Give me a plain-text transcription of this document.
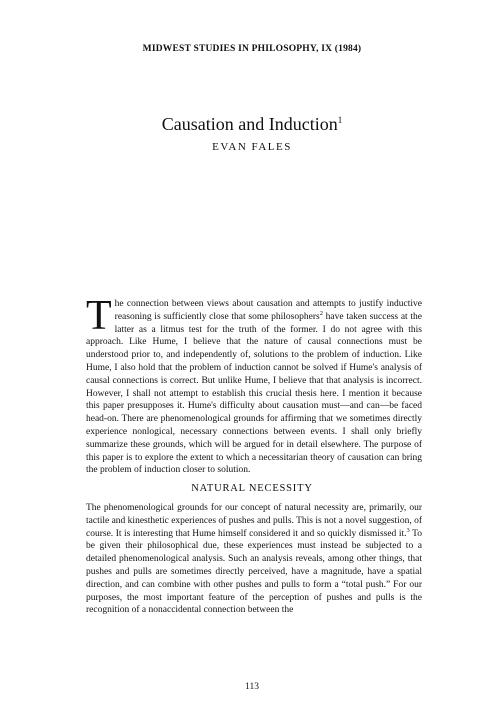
MIDWEST STUDIES IN PHILOSOPHY, IX (1984)
Causation and Induction$^1$
EVAN FALES

The connection between views about causation and attempts to justify inductive reasoning is sufficiently close that some philosophers$^2$ have taken success at the latter as a litmus test for the truth of the former. I do not agree with this approach. Like Hume, I believe that the nature of causal connections must be understood prior to, and independently of, solutions to the problem of induction. Like Hume, I also hold that the problem of induction cannot be solved if Hume's analysis of causal connections is correct. But unlike Hume, I believe that that analysis is incorrect. However, I shall not attempt to establish this crucial thesis here. I mention it because this paper presupposes it. Hume's difficulty about causation must—and can—be faced head-on. There are phenomenological grounds for affirming that we sometimes directly experience nonlogical, necessary connections between events. I shall only briefly summarize these grounds, which will be argued for in detail elsewhere. The purpose of this paper is to explore the extent to which a necessitarian theory of causation can bring the problem of induction closer to solution.

NATURAL NECESSITY

The phenomenological grounds for our concept of natural necessity are, primarily, our tactile and kinesthetic experiences of pushes and pulls. This is not a novel suggestion, of course. It is interesting that Hume himself considered it and so quickly dismissed it.$^3$ To be given their philosophical due, these experiences must instead be subjected to a detailed phenomenological analysis. Such an analysis reveals, among other things, that pushes and pulls are sometimes directly perceived, have a magnitude, have a spatial direction, and can combine with other pushes and pulls to form a “total push.” For our purposes, the most important feature of the perception of pushes and pulls is the recognition of a nonaccidental connection between the

113
